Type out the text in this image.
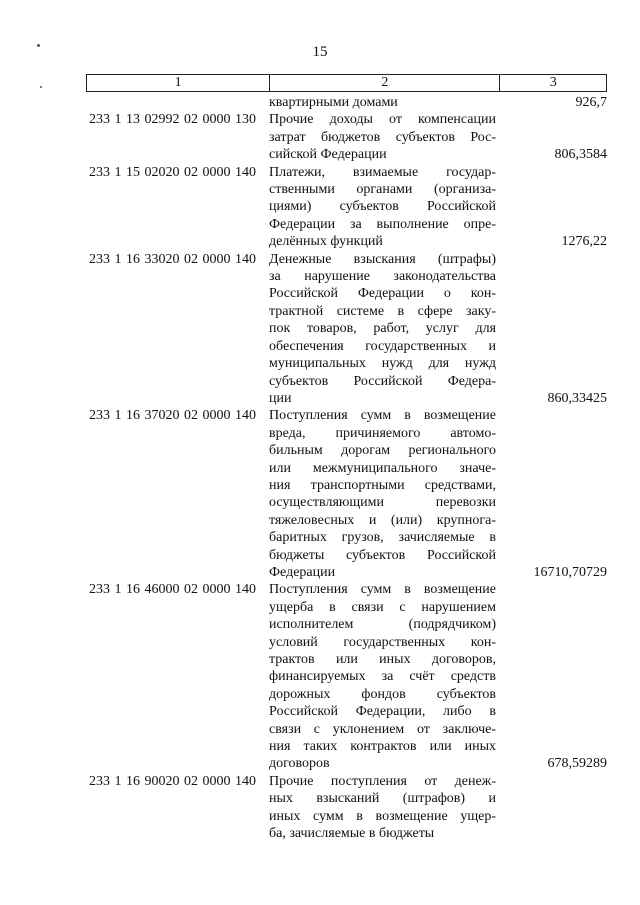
15
1	2	3
квартирными домами	926,7
233 1 13 02992 02 0000 130 Прочие доходы от компенсации
затрат бюджетов субъектов Рос-
сийской Федерации	806,3584
233 1 15 02020 02 0000 140 Платежи, взимаемые государ-
ственными органами (организа-
циями) субъектов Российской
Федерации за выполнение опре-
делённых функций	1276,22
233 1 16 33020 02 0000 140 Денежные взыскания (штрафы)
за нарушение законодательства
Российской Федерации о кон-
трактной системе в сфере заку-
пок товаров, работ, услуг для
обеспечения государственных и
муниципальных нужд для нужд
субъектов Российской Федера-
ции	860,33425
233 1 16 37020 02 0000 140 Поступления сумм в возмещение
вреда, причиняемого автомо-
бильным дорогам регионального
или межмуниципального значе-
ния транспортными средствами,
осуществляющими перевозки
тяжеловесных и (или) крупнога-
баритных грузов, зачисляемые в
бюджеты субъектов Российской
Федерации	16710,70729
233 1 16 46000 02 0000 140 Поступления сумм в возмещение
ущерба в связи с нарушением
исполнителем (подрядчиком)
условий государственных кон-
трактов или иных договоров,
финансируемых за счёт средств
дорожных фондов субъектов
Российской Федерации, либо в
связи с уклонением от заключе-
ния таких контрактов или иных
договоров	678,59289
233 1 16 90020 02 0000 140 Прочие поступления от денеж-
ных взысканий (штрафов) и
иных сумм в возмещение ущер-
ба, зачисляемые в бюджеты
